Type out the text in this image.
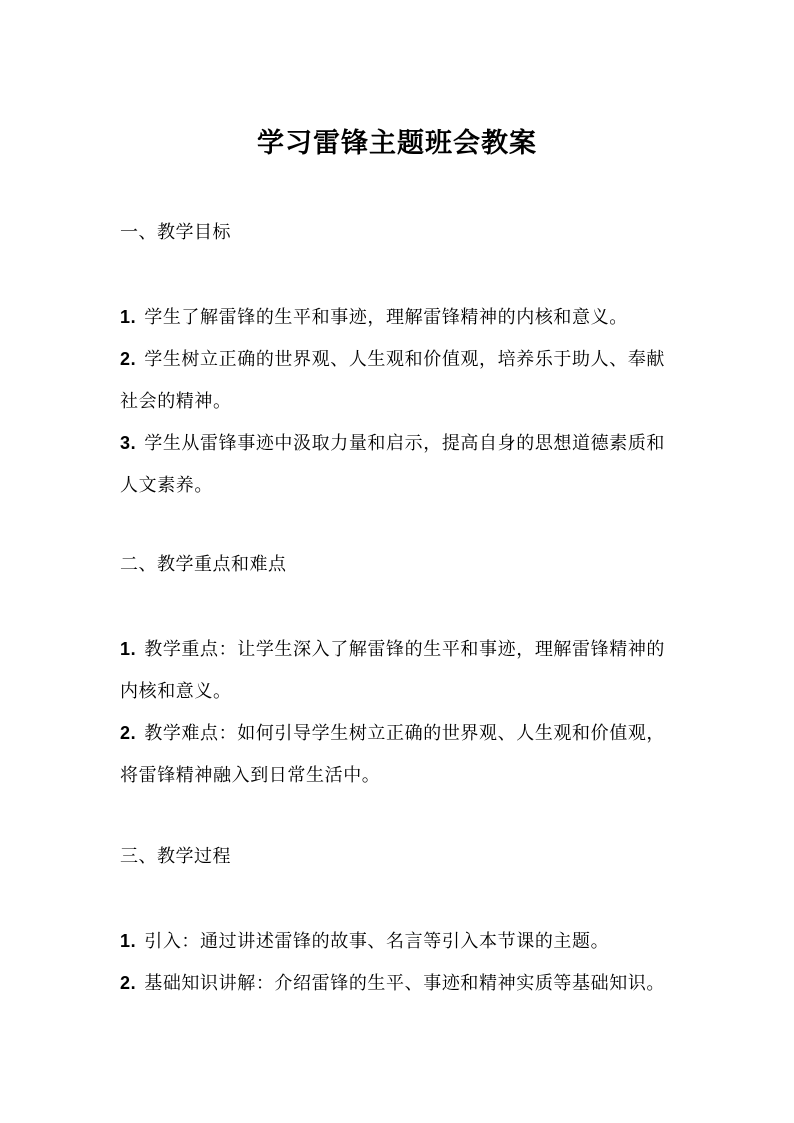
学习雷锋主题班会教案
一、教学目标
1. 学生了解雷锋的生平和事迹，理解雷锋精神的内核和意义。
2. 学生树立正确的世界观、人生观和价值观，培养乐于助人、奉献社会的精神。
3. 学生从雷锋事迹中汲取力量和启示，提高自身的思想道德素质和人文素养。
二、教学重点和难点
1. 教学重点：让学生深入了解雷锋的生平和事迹，理解雷锋精神的内核和意义。
2. 教学难点：如何引导学生树立正确的世界观、人生观和价值观，将雷锋精神融入到日常生活中。
三、教学过程
1. 引入：通过讲述雷锋的故事、名言等引入本节课的主题。
2. 基础知识讲解：介绍雷锋的生平、事迹和精神实质等基础知识。
